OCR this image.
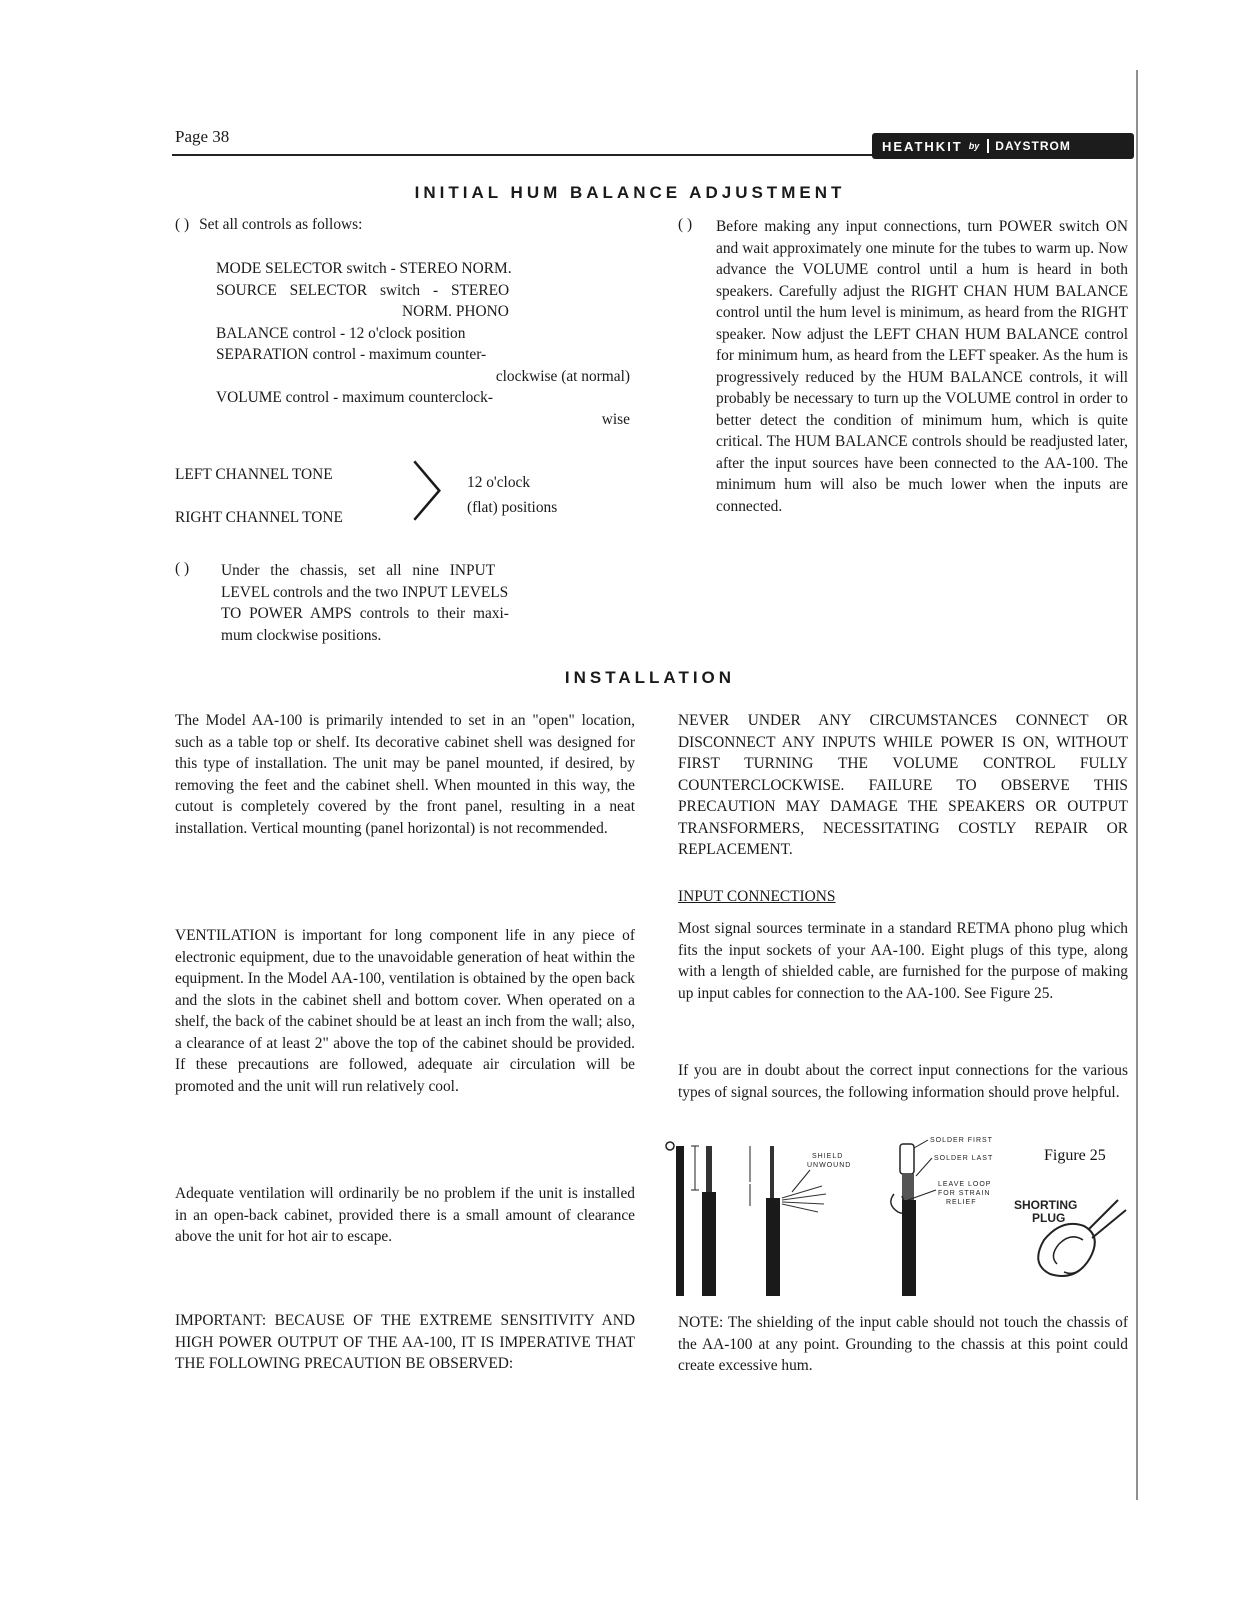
Page 38	HEATHKIT by	DAYSTROM
INITIAL HUM BALANCE ADJUSTMENT
( ) Set all controls as follows:
MODE SELECTOR switch - STEREO NORM.
SOURCE SELECTOR switch - STEREO
NORM. PHONO
BALANCE control - 12 o'clock position
SEPARATION control - maximum counter-
clockwise (at normal)
VOLUME control - maximum counterclock-
wise
LEFT CHANNEL TONE
RIGHT CHANNEL TONE 〉
12 o'clock
(flat) positions
( ) Under the chassis, set all nine INPUT
LEVEL controls and the two INPUT LEVELS
TO POWER AMPS controls to their maxi-
mum clockwise positions.
( ) Before making any input connections, turn POWER switch ON and wait approximately one minute for the tubes to warm up. Now advance the VOLUME control until a hum is heard in both speakers. Carefully adjust the RIGHT CHAN HUM BALANCE control until the hum level is minimum, as heard from the RIGHT speaker. Now adjust the LEFT CHAN HUM BALANCE control for minimum hum, as heard from the LEFT speaker. As the hum is progressively reduced by the HUM BALANCE controls, it will probably be necessary to turn up the VOLUME control in order to better detect the condition of minimum hum, which is quite critical. The HUM BALANCE controls should be readjusted later, after the input sources have been connected to the AA-100. The minimum hum will also be much lower when the inputs are connected.
INSTALLATION
The Model AA-100 is primarily intended to set in an "open" location, such as a table top or shelf. Its decorative cabinet shell was designed for this type of installation. The unit may be panel mounted, if desired, by removing the feet and the cabinet shell. When mounted in this way, the cutout is completely covered by the front panel, resulting in a neat installation. Vertical mounting (panel horizontal) is not recommended.
VENTILATION is important for long component life in any piece of electronic equipment, due to the unavoidable generation of heat within the equipment. In the Model AA-100, ventilation is obtained by the open back and the slots in the cabinet shell and bottom cover. When operated on a shelf, the back of the cabinet should be at least an inch from the wall; also, a clearance of at least 2" above the top of the cabinet should be provided. If these precautions are followed, adequate air circulation will be promoted and the unit will run relatively cool.
Adequate ventilation will ordinarily be no problem if the unit is installed in an open-back cabinet, provided there is a small amount of clearance above the unit for hot air to escape.
IMPORTANT: BECAUSE OF THE EXTREME SENSITIVITY AND HIGH POWER OUTPUT OF THE AA-100, IT IS IMPERATIVE THAT THE FOLLOWING PRECAUTION BE OBSERVED:
NEVER UNDER ANY CIRCUMSTANCES CONNECT OR DISCONNECT ANY INPUTS WHILE POWER IS ON, WITHOUT FIRST TURNING THE VOLUME CONTROL FULLY COUNTERCLOCKWISE. FAILURE TO OBSERVE THIS PRECAUTION MAY DAMAGE THE SPEAKERS OR OUTPUT TRANSFORMERS, NECESSITATING COSTLY REPAIR OR REPLACEMENT.
INPUT CONNECTIONS
Most signal sources terminate in a standard RETMA phono plug which fits the input sockets of your AA-100. Eight plugs of this type, along with a length of shielded cable, are furnished for the purpose of making up input cables for connection to the AA-100. See Figure 25.
If you are in doubt about the correct input connections for the various types of signal sources, the following information should prove helpful.
SHIELD
UNWOUND
SOLDER FIRST
SOLDER LAST
LEAVE LOOP
FOR STRAIN
RELIEF
Figure 25
SHORTING
PLUG
NOTE: The shielding of the input cable should not touch the chassis of the AA-100 at any point. Grounding to the chassis at this point could create excessive hum.
